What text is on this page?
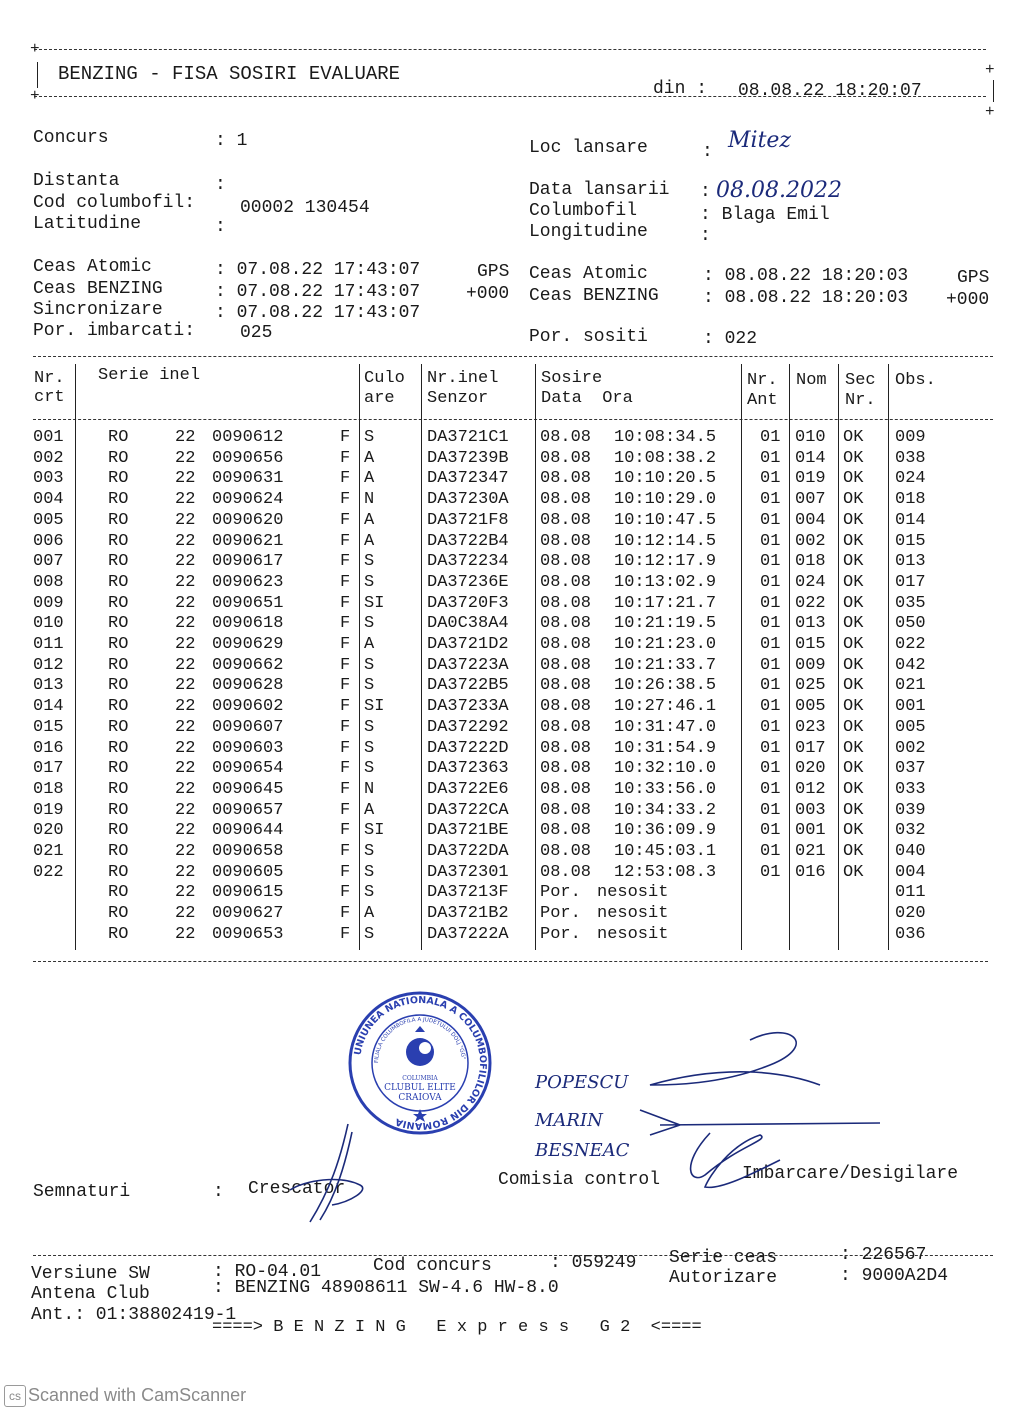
+
+
BENZING - FISA SOSIRI EVALUARE
din : 08.08.22 18:20:07
+
+
Concurs	: 1
Distanta	:
Cod columbofil: 00002 130454
Latitudine	:
Loc lansare	: Mitez
Data lansarii : 08.08.2022
Columbofil	: Blaga Emil
Longitudine	:
Ceas Atomic	: 07.08.22 17:43:07	GPS
Ceas BENZING	: 07.08.22 17:43:07	+000
Sincronizare	: 07.08.22 17:43:07
Por. imbarcati: 025
Ceas Atomic	: 08.08.22 18:20:03	GPS
Ceas BENZING : 08.08.22 18:20:03 +000
Por. sositi	: 022
Nr.
crt
Serie inel	Culo
are
Nr.inel
Senzor
Sosire
Data  Ora
Nr.
Ant
Nom Sec
Nr.
Obs.
001	RO	22 0090612	F S	DA3721C1 08.08 10:08:34.5	01 010 OK 009
002	RO	22 0090656	F A	DA37239B 08.08 10:08:38.2	01 014 OK 038
003	RO	22 0090631	F A	DA372347 08.08 10:10:20.5	01 019 OK 024
004	RO	22 0090624	F N	DA37230A 08.08 10:10:29.0	01 007 OK 018
005	RO	22 0090620	F A	DA3721F8 08.08 10:10:47.5	01 004 OK 014
006	RO	22 0090621	F A	DA3722B4 08.08 10:12:14.5	01 002 OK 015
007	RO	22 0090617	F S	DA372234 08.08 10:12:17.9	01 018 OK 013
008	RO	22 0090623	F S	DA37236E 08.08 10:13:02.9	01 024 OK 017
009	RO	22 0090651	F SI	DA3720F3 08.08 10:17:21.7	01 022 OK 035
010	RO	22 0090618	F S	DA0C38A4 08.08 10:21:19.5	01 013 OK 050
011	RO	22 0090629	F A	DA3721D2 08.08 10:21:23.0	01 015 OK 022
012	RO	22 0090662	F S	DA37223A 08.08 10:21:33.7	01 009 OK 042
013	RO	22 0090628	F S	DA3722B5 08.08 10:26:38.5	01 025 OK 021
014	RO	22 0090602	F SI	DA37233A 08.08 10:27:46.1	01 005 OK 001
015	RO	22 0090607	F S	DA372292 08.08 10:31:47.0	01 023 OK 005
016	RO	22 0090603	F S	DA37222D 08.08 10:31:54.9	01 017 OK 002
017	RO	22 0090654	F S	DA372363 08.08 10:32:10.0	01 020 OK 037
018	RO	22 0090645	F N	DA3722E6 08.08 10:33:56.0	01 012 OK 033
019	RO	22 0090657	F A	DA3722CA 08.08 10:34:33.2	01 003 OK 039
020	RO	22 0090644	F SI	DA3721BE 08.08 10:36:09.9	01 001 OK 032
021	RO	22 0090658	F S	DA3722DA 08.08 10:45:03.1	01 021 OK 040
022	RO	22 0090605	F S	DA372301 08.08 12:53:08.3	01 016 OK 004
RO	22 0090615	F S	DA37213F Por. nesosit	011
RO	22 0090627	F A	DA3721B2 Por. nesosit	020
RO	22 0090653	F S	DA37222A Por. nesosit	036
UNIUNEA NATIONALA A COLUMBOFILILOR DIN ROMANIA
FILIALA COLUMBOFILA A JUDETULUI DOLJ "GG"
COLUMBIA
CLUBUL ELITE
CRAIOVA
Semnaturi	: Crescator	Comisia control	Imbarcare/Desigilare
POPESCU
MARIN
BESNEAC
Versiune SW	: RO-04.01	Cod concurs	: 059249 Serie ceas	: 226567
Antena Club	: BENZING 48908611 SW-4.6 HW-8.0	Autorizare	: 9000A2D4
Ant.: 01:38802419-1
====> B E N Z I N G   E x p r e s s   G 2  <====
cs Scanned with CamScanner
